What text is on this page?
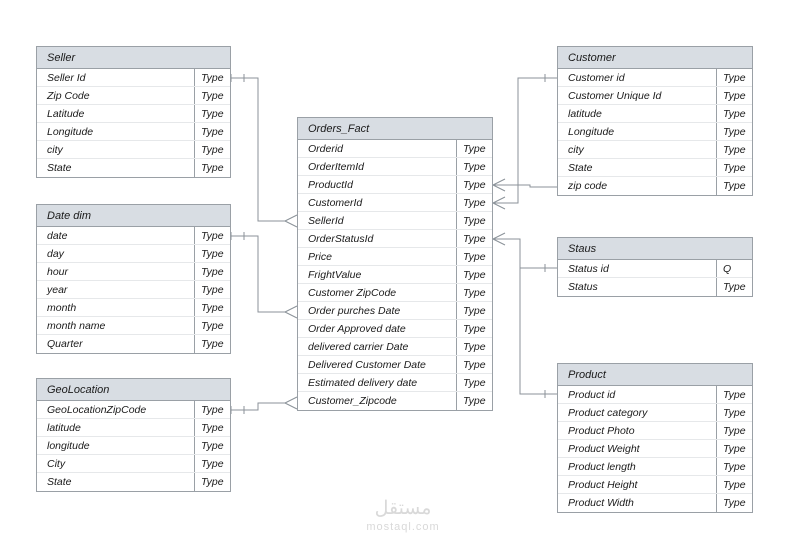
Seller
Seller Id	Type
Zip Code	Type
Latitude	Type
Longitude	Type
city	Type
State	Type
Date dim
date	Type
day	Type
hour	Type
year	Type
month	Type
month name	Type
Quarter	Type
GeoLocation
GeoLocationZipCode	Type
latitude	Type
longitude	Type
City	Type
State	Type
Orders_Fact
Orderid	Type
OrderItemId	Type
ProductId	Type
CustomerId	Type
SellerId	Type
OrderStatusId	Type
Price	Type
FrightValue	Type
Customer ZipCode	Type
Order purches Date	Type
Order Approved date	Type
delivered carrier Date	Type
Delivered Customer Date	Type
Estimated delivery date	Type
Customer_Zipcode	Type
Customer
Customer id	Type
Customer Unique Id	Type
latitude	Type
Longitude	Type
city	Type
State	Type
zip code	Type
Staus
Status id	Q
Status	Type
Product
Product id	Type
Product category	Type
Product Photo	Type
Product Weight	Type
Product length	Type
Product Height	Type
Product Width	Type
مستقل
mostaql.com
